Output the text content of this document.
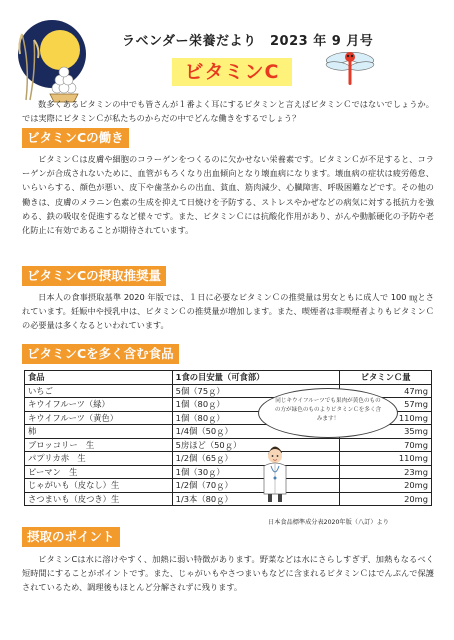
ラベンダー栄養だより　2023 年 9 月号
ビタミンC
数多くあるビタミンの中でも皆さんが１番よく耳にするビタミンと言えばビタミンＣではないでしょうか。では実際にビタミンＣが私たちのからだの中でどんな働きをするでしょう？
ビタミンCの働き
ビタミンＣは皮膚や細胞のコラーゲンをつくるのに欠かせない栄養素です。ビタミンＣが不足すると、コラーゲンが合成されないために、血管がもろくなり出血傾向となり壊血病になります。壊血病の症状は疲労倦怠、いらいらする、顔色が悪い、皮下や歯茎からの出血、貧血、筋肉減少、心臓障害、呼吸困難などです。その他の働きは、皮膚のメラニン色素の生成を抑えて日焼けを予防する、ストレスやかぜなどの病気に対する抵抗力を強める、鉄の吸収を促進するなど様々です。また、ビタミンＣには抗酸化作用があり、がんや動脈硬化の予防や老化防止に有効であることが期待されています。
ビタミンCの摂取推奨量
日本人の食事摂取基準 2020 年版では、１日に必要なビタミンＣの推奨量は男女ともに成人で 100 ㎎とされています。妊娠中や授乳中は、ビタミンＣの推奨量が増加します。また、喫煙者は非喫煙者よりもビタミンＣの必要量は多くなるといわれています。
ビタミンCを多く含む食品
食品	1食の目安量（可食部）	ビタミンＣ量
いちご	5個（75ｇ）	47mg
キウイフルーツ（緑）	1個（80ｇ）	57mg
キウイフルーツ（黄色）	1個（80ｇ）	110mg
柿	1/4個（50ｇ）	35mg
ブロッコリー　生	5房ほど（50ｇ）	70mg
パプリカ赤　生	1/2個（65ｇ）	110mg
ピーマン　生	1個（30ｇ）	23mg
じゃがいも（皮なし）生	1/2個（70ｇ）	20mg
さつまいも（皮つき）生	1/3本（80ｇ）	20mg
同じキウイフルーツでも果肉が黄色のものの方が緑色のものよりビタミンＣを多く含みます！
日本食品標準成分表2020年版（八訂）より
摂取のポイント
ビタミンCは水に溶けやすく、加熱に弱い特徴があります。野菜などは水にさらしすぎず、加熱もなるべく短時間にすることがポイントです。また、じゃがいもやさつまいもなどに含まれるビタミンＣはでんぷんで保護されているため、調理後もほとんど分解されずに残ります。
